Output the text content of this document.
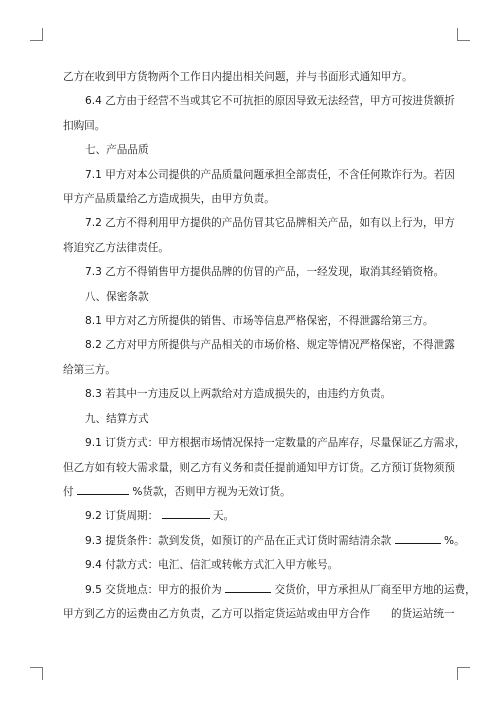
乙方在收到甲方货物两个工作日内提出相关问题，并与书面形式通知甲方。
6.4 乙方由于经营不当或其它不可抗拒的原因导致无法经营，甲方可按进货额折
扣购回。
七、产品品质
7.1 甲方对本公司提供的产品质量问题承担全部责任，不含任何欺诈行为。若因
甲方产品质量给乙方造成损失，由甲方负责。
7.2 乙方不得利用甲方提供的产品仿冒其它品牌相关产品，如有以上行为，甲方
将追究乙方法律责任。
7.3 乙方不得销售甲方提供品牌的仿冒的产品，一经发现，取消其经销资格。
八、保密条款
8.1 甲方对乙方所提供的销售、市场等信息严格保密，不得泄露给第三方。
8.2 乙方对甲方所提供与产品相关的市场价格、规定等情况严格保密，不得泄露
给第三方。
8.3 若其中一方违反以上两款给对方造成损失的，由违约方负责。
九、结算方式
9.1 订货方式：甲方根据市场情况保持一定数量的产品库存，尽量保证乙方需求，
但乙方如有较大需求量，则乙方有义务和责任提前通知甲方订货。乙方预订货物须预
付	%货款，否则甲方视为无效订货。
9.2 订货周期：	天。
9.3 提货条件：款到发货，如预订的产品在正式订货时需结清余款	%。
9.4 付款方式：电汇、信汇或转帐方式汇入甲方帐号。
9.5 交货地点：甲方的报价为	交货价，甲方承担从厂商至甲方地的运费，
甲方到乙方的运费由乙方负责，乙方可以指定货运站或由甲方合作 的货运站统一
